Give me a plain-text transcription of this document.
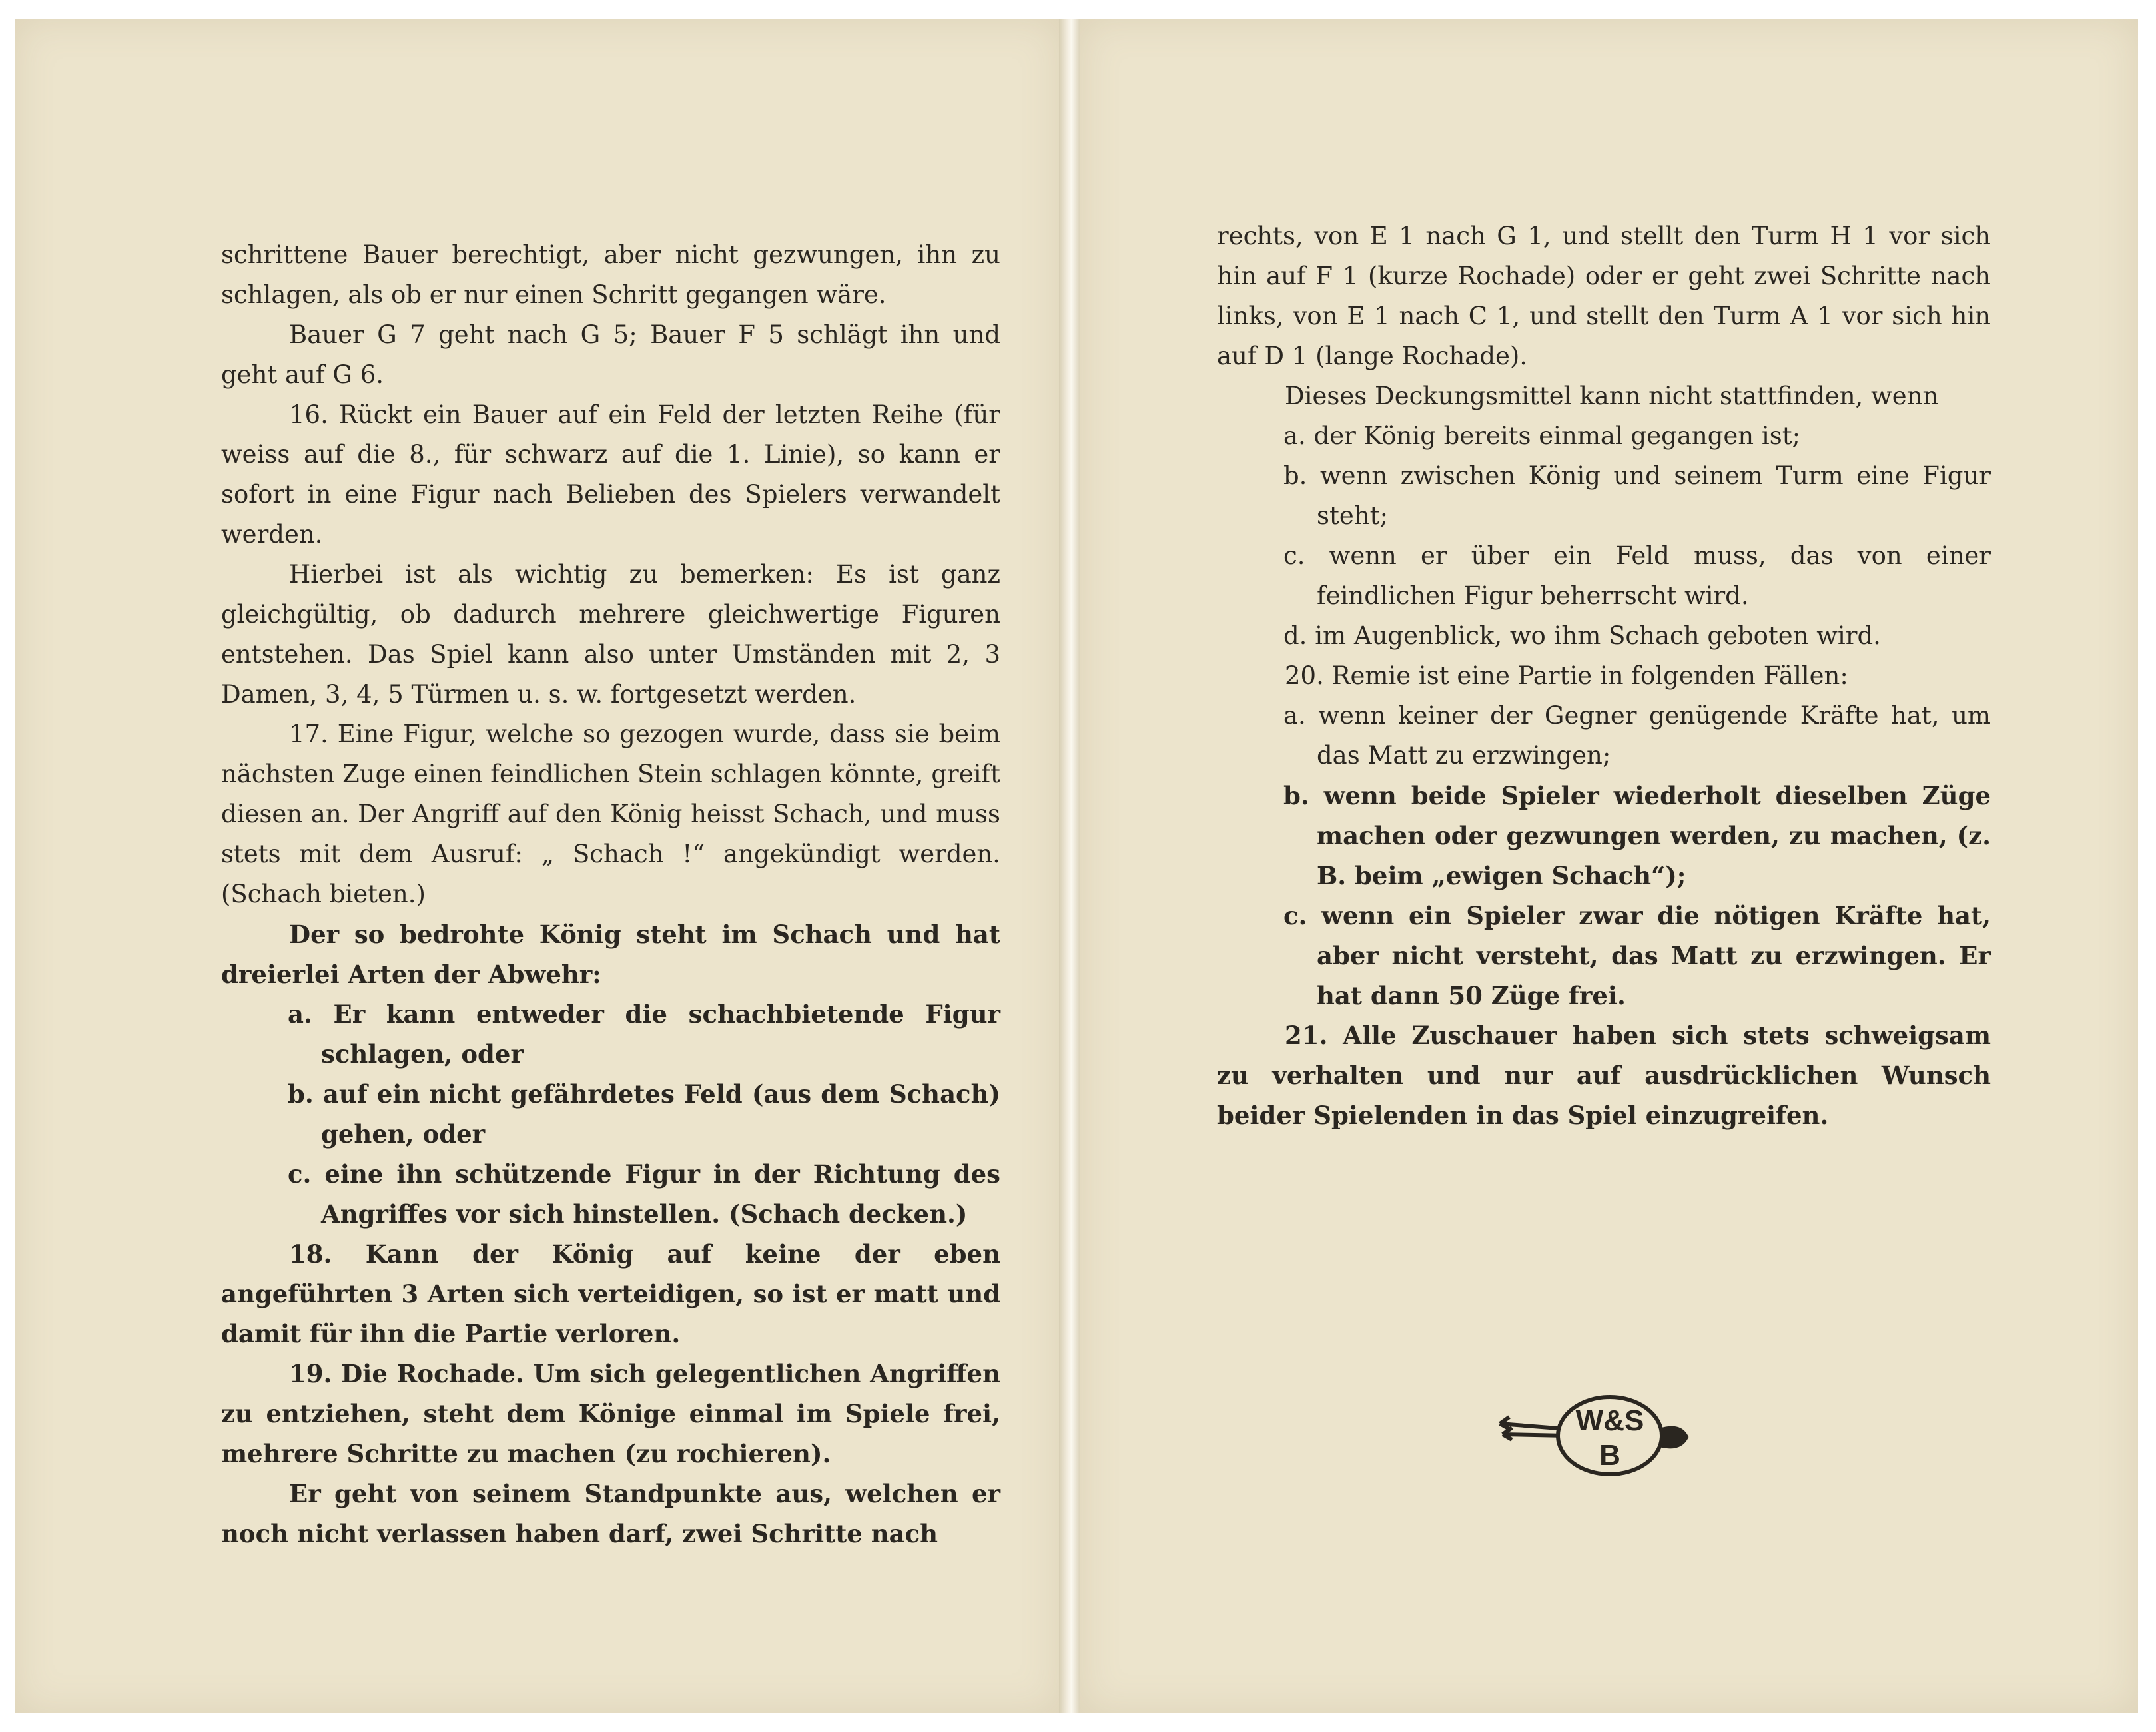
schrittene Bauer berechtigt, aber nicht gezwungen, ihn zu schlagen, als ob er nur einen Schritt gegangen wäre.

Bauer G 7 geht nach G 5; Bauer F 5 schlägt ihn und geht auf G 6.

16. Rückt ein Bauer auf ein Feld der letzten Reihe (für weiss auf die 8., für schwarz auf die 1. Linie), so kann er sofort in eine Figur nach Belieben des Spielers verwandelt werden.

Hierbei ist als wichtig zu bemerken: Es ist ganz gleichgültig, ob dadurch mehrere gleichwertige Figuren entstehen. Das Spiel kann also unter Umständen mit 2, 3 Damen, 3, 4, 5 Türmen u. s. w. fortgesetzt werden.

17. Eine Figur, welche so gezogen wurde, dass sie beim nächsten Zuge einen feindlichen Stein schlagen könnte, greift diesen an. Der Angriff auf den König heisst Schach, und muss stets mit dem Ausruf: „ Schach !“ angekündigt werden. (Schach bieten.)

Der so bedrohte König steht im Schach und hat dreierlei Arten der Abwehr:

a. Er kann entweder die schachbietende Figur schlagen, oder

b. auf ein nicht gefährdetes Feld (aus dem Schach) gehen, oder

c. eine ihn schützende Figur in der Richtung des Angriffes vor sich hinstellen. (Schach decken.)

18. Kann der König auf keine der eben angeführten 3 Arten sich verteidigen, so ist er matt und damit für ihn die Partie verloren.

19. Die Rochade. Um sich gelegentlichen Angriffen zu entziehen, steht dem Könige einmal im Spiele frei, mehrere Schritte zu machen (zu rochieren).

Er geht von seinem Standpunkte aus, welchen er noch nicht verlassen haben darf, zwei Schritte nach

rechts, von E 1 nach G 1, und stellt den Turm H 1 vor sich hin auf F 1 (kurze Rochade) oder er geht zwei Schritte nach links, von E 1 nach C 1, und stellt den Turm A 1 vor sich hin auf D 1 (lange Rochade).

Dieses Deckungsmittel kann nicht stattfinden, wenn

a. der König bereits einmal gegangen ist;

b. wenn zwischen König und seinem Turm eine Figur steht;

c. wenn er über ein Feld muss, das von einer feindlichen Figur beherrscht wird.

d. im Augenblick, wo ihm Schach geboten wird.

20. Remie ist eine Partie in folgenden Fällen:

a. wenn keiner der Gegner genügende Kräfte hat, um das Matt zu erzwingen;

b. wenn beide Spieler wiederholt dieselben Züge machen oder gezwungen werden, zu machen, (z. B. beim „ewigen Schach“);

c. wenn ein Spieler zwar die nötigen Kräfte hat, aber nicht versteht, das Matt zu erzwingen. Er hat dann 50 Züge frei.

21. Alle Zuschauer haben sich stets schweigsam zu verhalten und nur auf ausdrücklichen Wunsch beider Spielenden in das Spiel einzugreifen.

W&S
B
